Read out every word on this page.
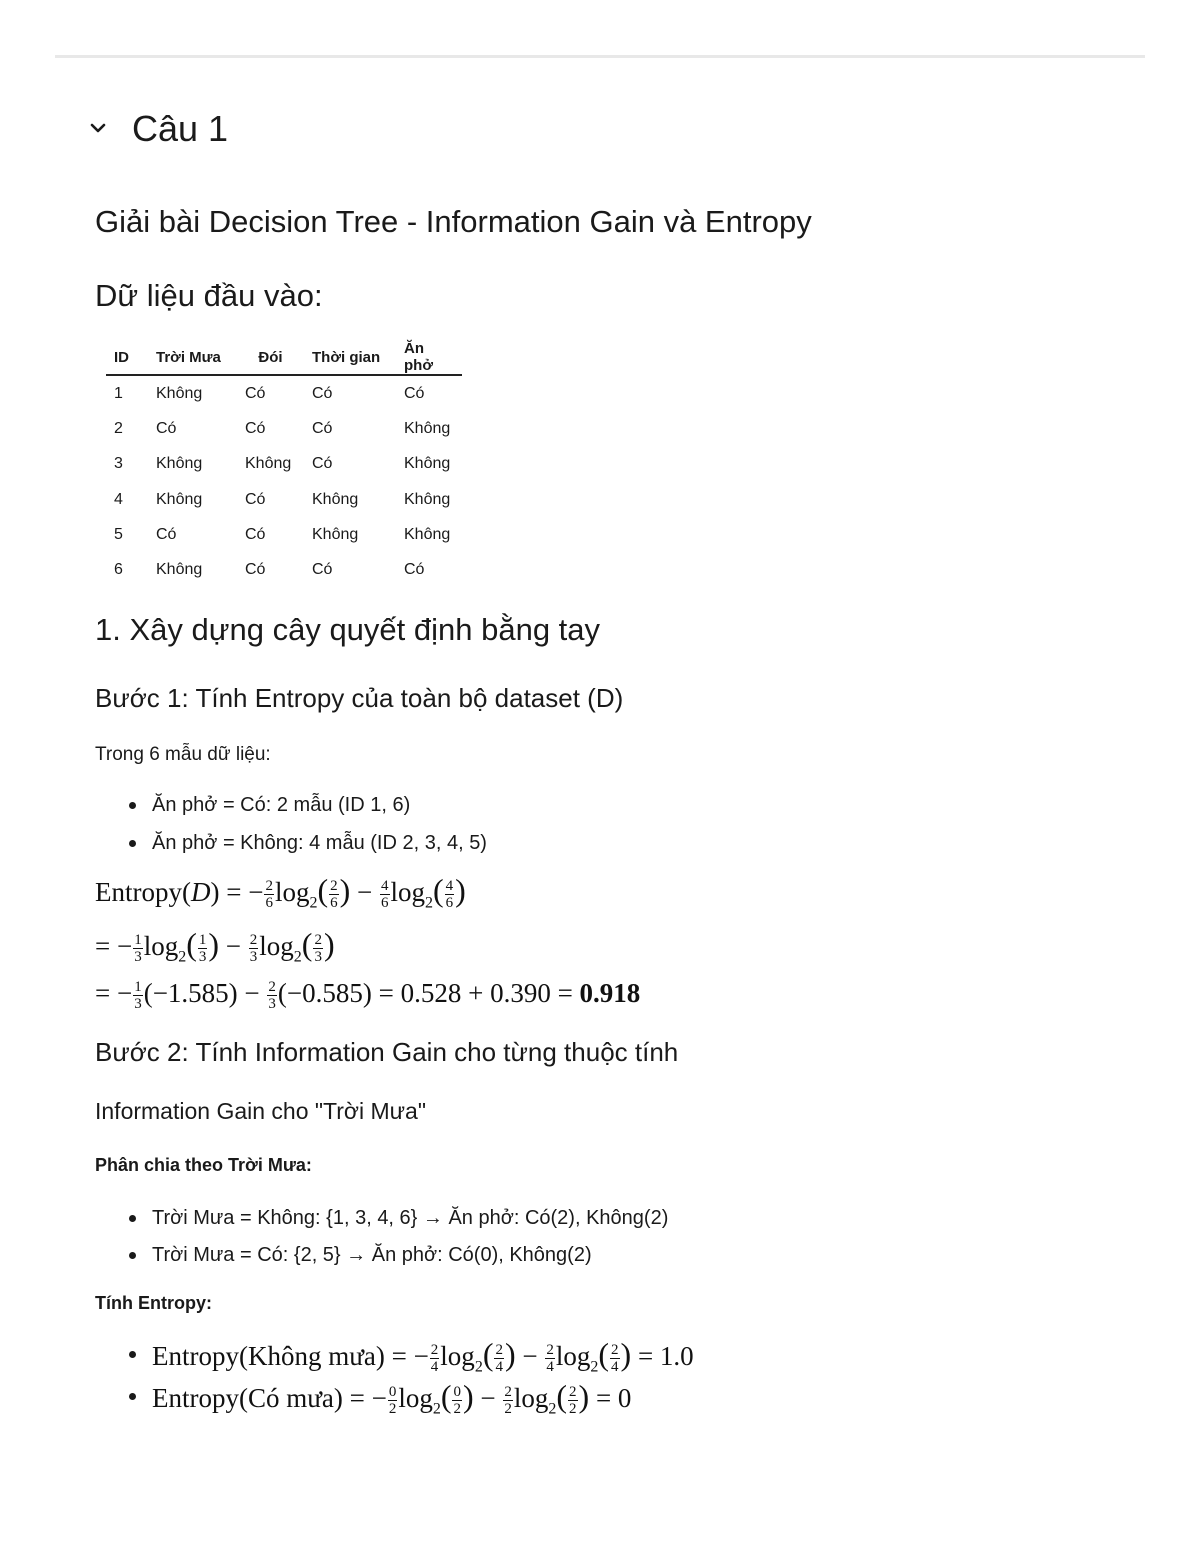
Câu 1
Giải bài Decision Tree - Information Gain và Entropy
Dữ liệu đầu vào:
ID	Trời Mưa	Đói	Thời gian	Ăn phở
1	Không	Có	Có	Có
2	Có	Có	Có	Không
3	Không	Không	Có	Không
4	Không	Có	Không	Không
5	Có	Có	Không	Không
6	Không	Có	Có	Có
1. Xây dựng cây quyết định bằng tay
Bước 1: Tính Entropy của toàn bộ dataset (D)
Trong 6 mẫu dữ liệu:
Ăn phở = Có: 2 mẫu (ID 1, 6)
Ăn phở = Không: 4 mẫu (ID 2, 3, 4, 5)
Entropy(D) = − $\frac{2}{6} \log_2( \frac{2}{6}$ ) − $\frac{4}{6} \log_2( \frac{4}{6}$ )
= − $\frac{1}{3} \log_2( \frac{1}{3}$ ) − $\frac{2}{3} \log_2( \frac{2}{3}$ )
= − $\frac{1}{3} (-1.585) - \frac{2}{3} (-0.585) = 0.528 + 0.390 = 0.918$
Bước 2: Tính Information Gain cho từng thuộc tính
Information Gain cho "Trời Mưa"
Phân chia theo Trời Mưa:
Trời Mưa = Không: {1, 3, 4, 6} → Ăn phở: Có(2), Không(2)
Trời Mưa = Có: {2, 5} → Ăn phở: Có(0), Không(2)
Tính Entropy:
Entropy(Không mưa) = − $\frac{2}{4} \log_2( \frac{2}{4}$ ) − $\frac{2}{4} \log_2( \frac{2}{4}$ ) = 1.0
Entropy(Có mưa) = − $\frac{0}{2} \log_2( \frac{0}{2}$ ) − $\frac{2}{2} \log_2( \frac{2}{2}$ ) = 0
